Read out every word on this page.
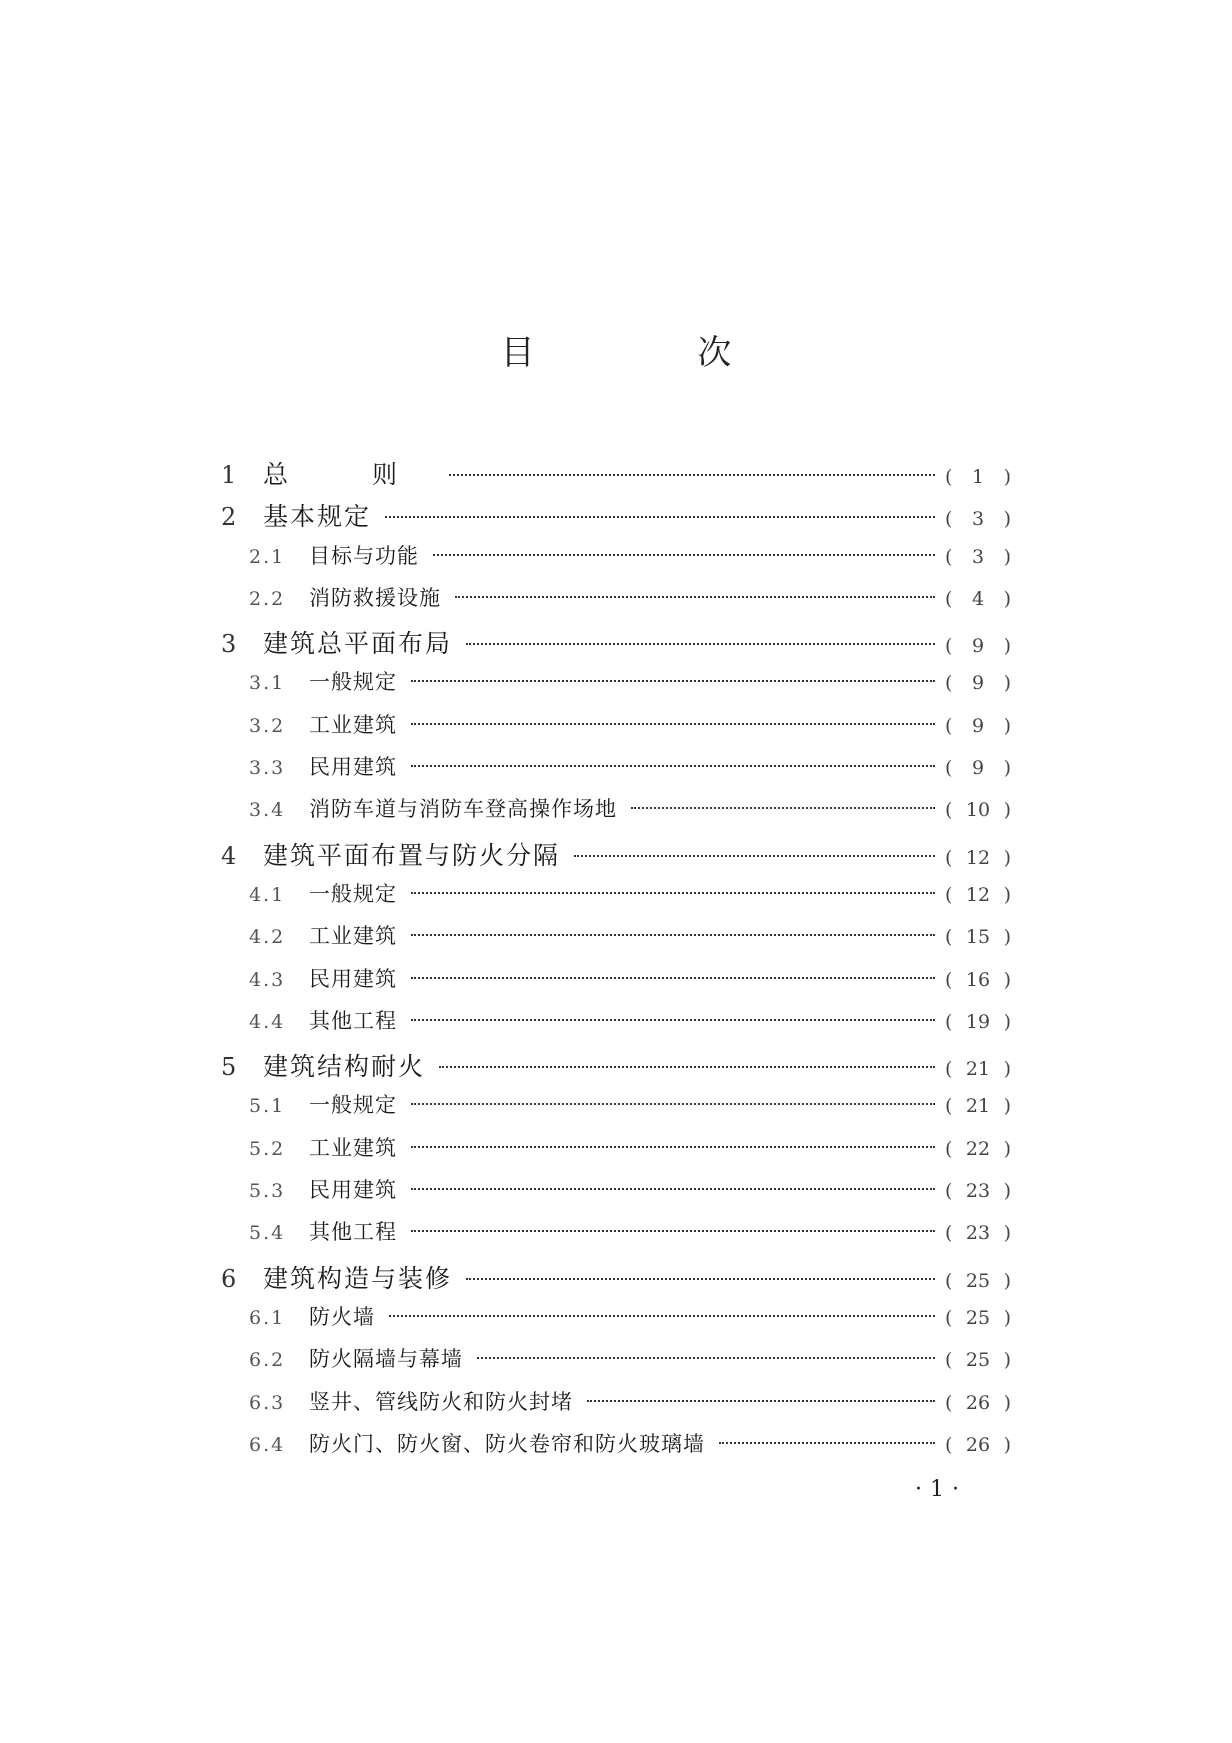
目 次
1	总 则	(	1	)
2	基本规定	(	3	)
2.1	目标与功能	(	3	)
2.2	消防救援设施	(	4	)
3	建筑总平面布局	(	9	)
3.1	一般规定	(	9	)
3.2	工业建筑	(	9	)
3.3	民用建筑	(	9	)
3.4	消防车道与消防车登高操作场地	( 10 )
4	建筑平面布置与防火分隔	( 12 )
4.1	一般规定	( 12 )
4.2	工业建筑	( 15 )
4.3	民用建筑	( 16 )
4.4	其他工程	( 19 )
5	建筑结构耐火	( 21 )
5.1	一般规定	( 21 )
5.2	工业建筑	( 22 )
5.3	民用建筑	( 23 )
5.4	其他工程	( 23 )
6	建筑构造与装修	( 25 )
6.1	防火墙	( 25 )
6.2	防火隔墙与幕墙	( 25 )
6.3	竖井、管线防火和防火封堵	( 26 )
6.4	防火门、防火窗、防火卷帘和防火玻璃墙	( 26 )
·1·
